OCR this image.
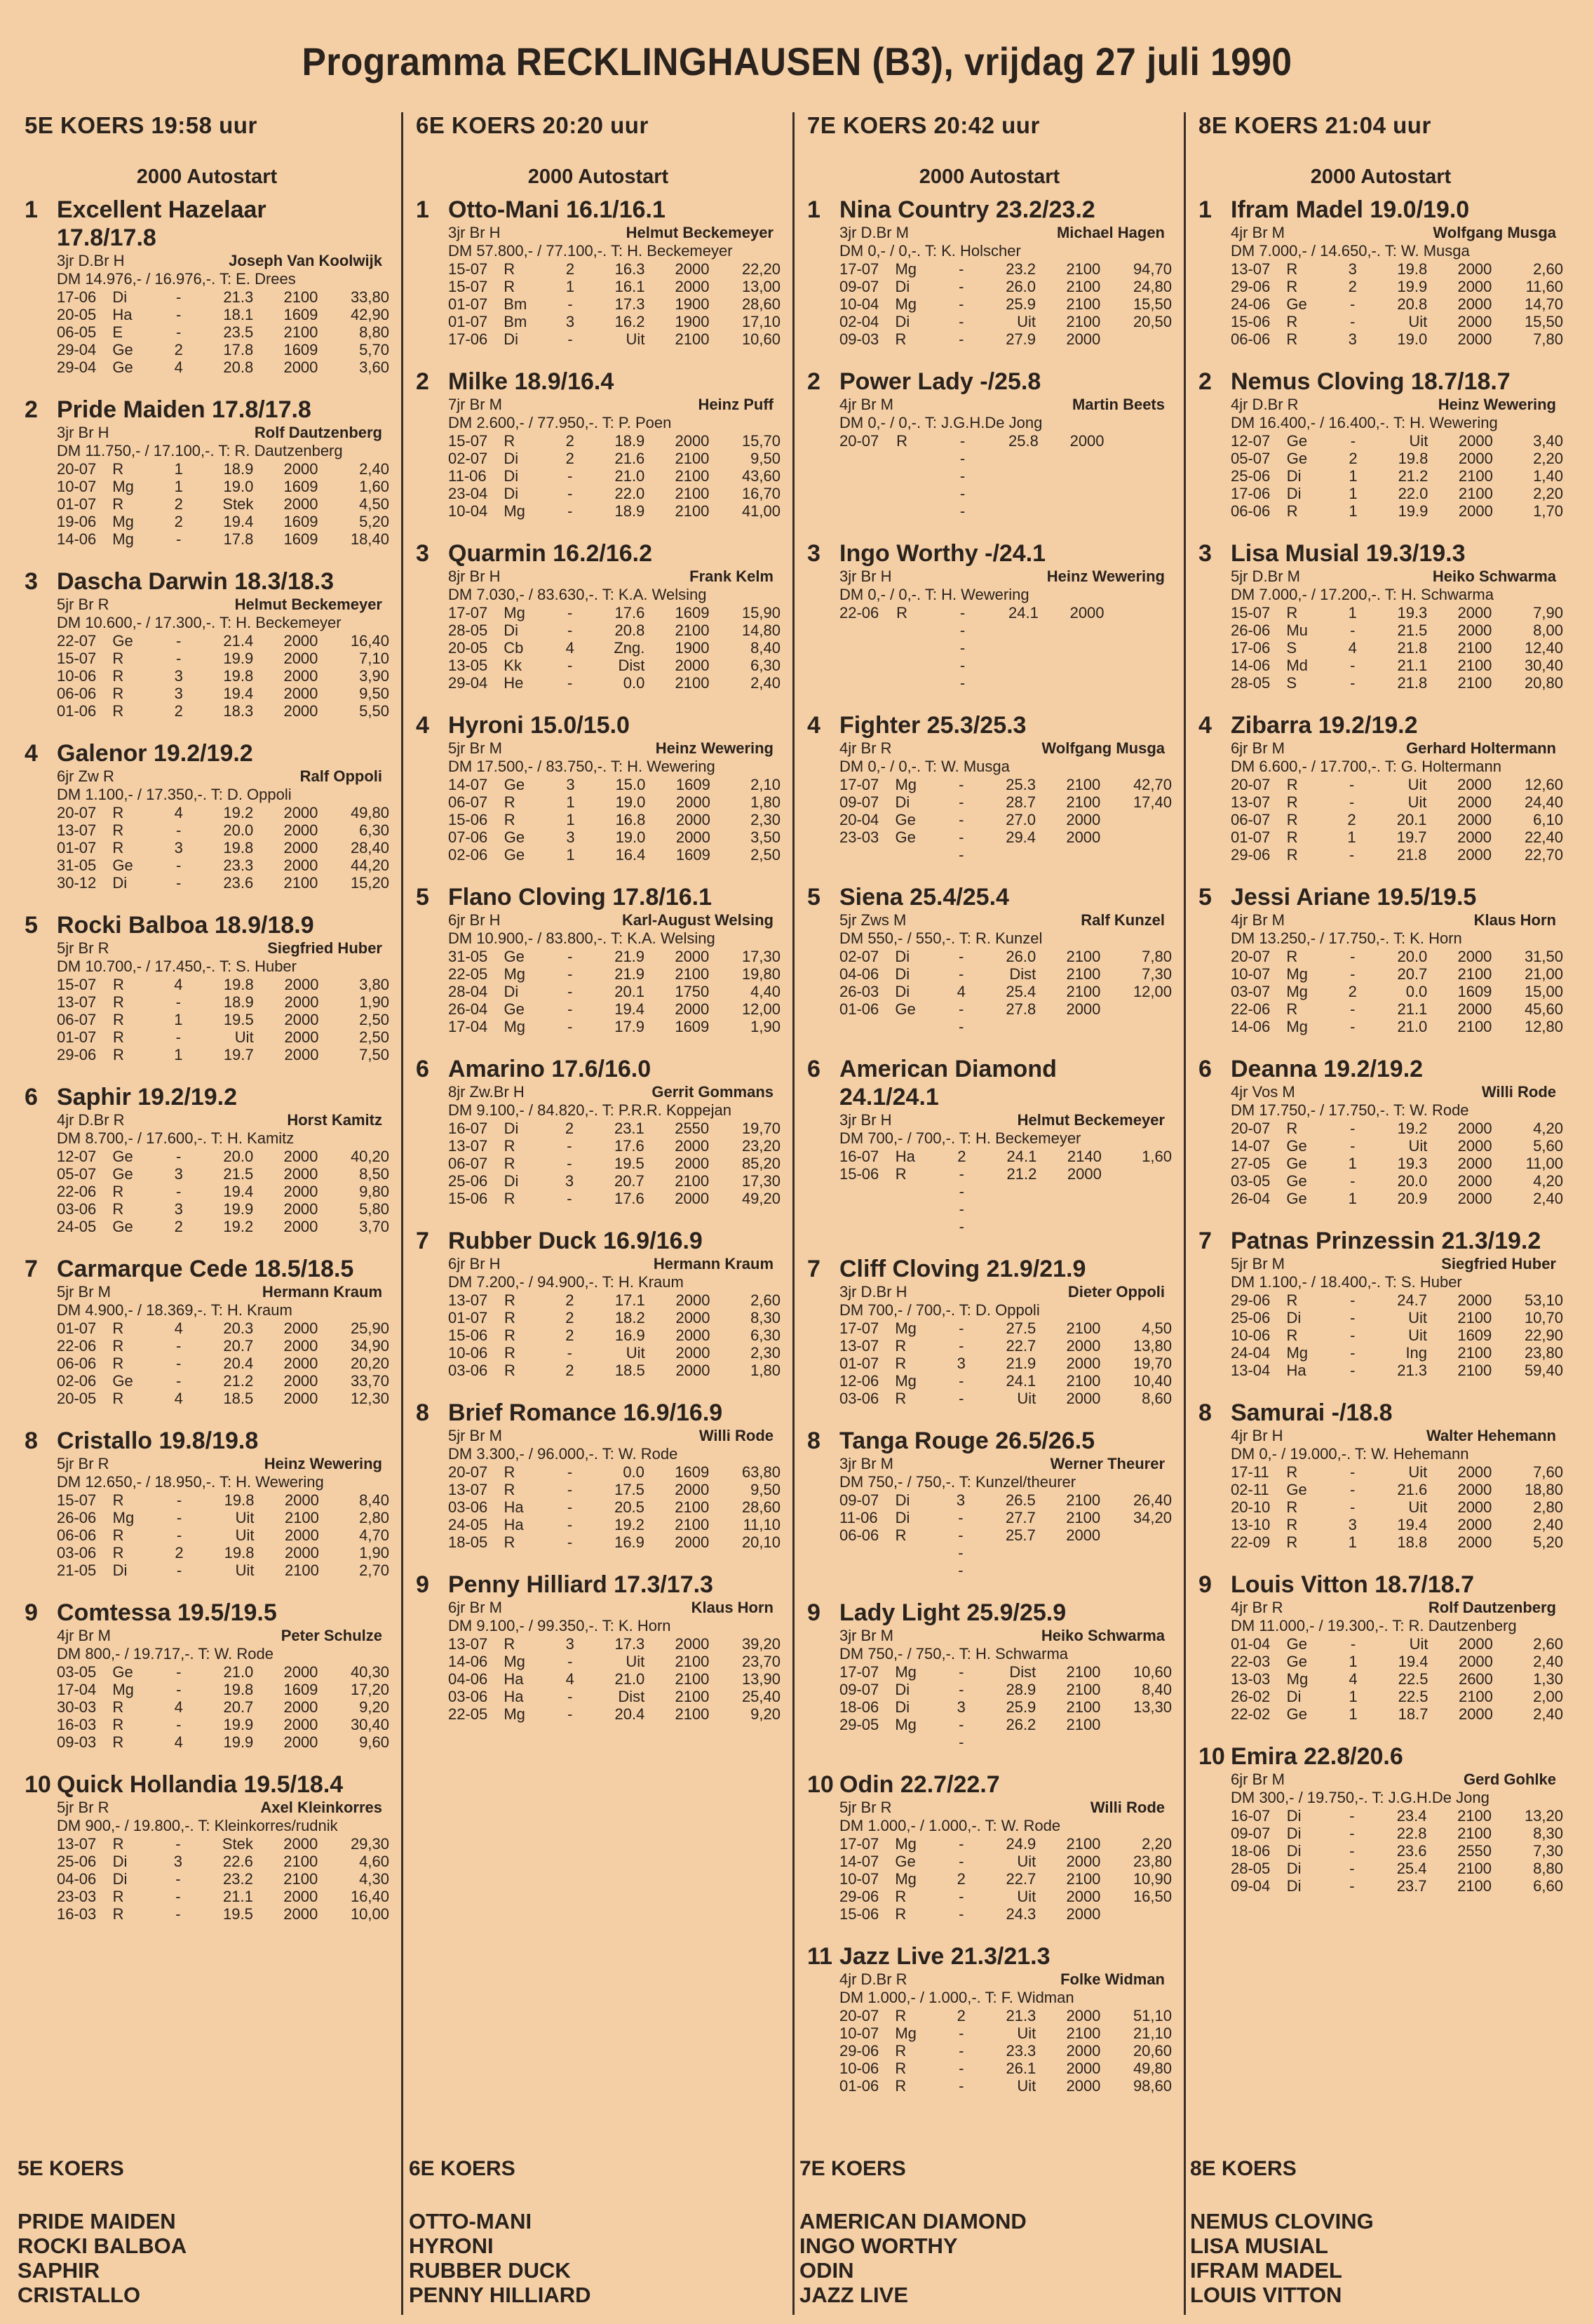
Programma RECKLINGHAUSEN (B3), vrijdag 27 juli 1990
5E KOERS 19:58 uur
2000 Autostart
1 Excellent Hazelaar
17.8/17.8
3jr D.Br H	Joseph Van Koolwijk
DM 14.976,- / 16.976,-. T: E. Drees
17-06	Di	-	21.3	2100	33,80
20-05	Ha	-	18.1	1609	42,90
06-05	E	-	23.5	2100	8,80
29-04	Ge	2	17.8	1609	5,70
29-04	Ge	4	20.8	2000	3,60
2 Pride Maiden 17.8/17.8
3jr Br H	Rolf Dautzenberg
DM 11.750,- / 17.100,-. T: R. Dautzenberg
20-07	R	1	18.9	2000	2,40
10-07	Mg	1	19.0	1609	1,60
01-07	R	2	Stek	2000	4,50
19-06	Mg	2	19.4	1609	5,20
14-06	Mg	-	17.8	1609	18,40
3 Dascha Darwin 18.3/18.3
5jr Br R	Helmut Beckemeyer
DM 10.600,- / 17.300,-. T: H. Beckemeyer
22-07	Ge	-	21.4	2000	16,40
15-07	R	-	19.9	2000	7,10
10-06	R	3	19.8	2000	3,90
06-06	R	3	19.4	2000	9,50
01-06	R	2	18.3	2000	5,50
4 Galenor 19.2/19.2
6jr Zw R	Ralf Oppoli
DM 1.100,- / 17.350,-. T: D. Oppoli
20-07	R	4	19.2	2000	49,80
13-07	R	-	20.0	2000	6,30
01-07	R	3	19.8	2000	28,40
31-05	Ge	-	23.3	2000	44,20
30-12	Di	-	23.6	2100	15,20
5 Rocki Balboa 18.9/18.9
5jr Br R	Siegfried Huber
DM 10.700,- / 17.450,-. T: S. Huber
15-07	R	4	19.8	2000	3,80
13-07	R	-	18.9	2000	1,90
06-07	R	1	19.5	2000	2,50
01-07	R	-	Uit	2000	2,50
29-06	R	1	19.7	2000	7,50
6 Saphir 19.2/19.2
4jr D.Br R	Horst Kamitz
DM 8.700,- / 17.600,-. T: H. Kamitz
12-07	Ge	-	20.0	2000	40,20
05-07	Ge	3	21.5	2000	8,50
22-06	R	-	19.4	2000	9,80
03-06	R	3	19.9	2000	5,80
24-05	Ge	2	19.2	2000	3,70
7 Carmarque Cede 18.5/18.5
5jr Br M	Hermann Kraum
DM 4.900,- / 18.369,-. T: H. Kraum
01-07	R	4	20.3	2000	25,90
22-06	R	-	20.7	2000	34,90
06-06	R	-	20.4	2000	20,20
02-06	Ge	-	21.2	2000	33,70
20-05	R	4	18.5	2000	12,30
8 Cristallo 19.8/19.8
5jr Br R	Heinz Wewering
DM 12.650,- / 18.950,-. T: H. Wewering
15-07	R	-	19.8	2000	8,40
26-06	Mg	-	Uit	2100	2,80
06-06	R	-	Uit	2000	4,70
03-06	R	2	19.8	2000	1,90
21-05	Di	-	Uit	2100	2,70
9 Comtessa 19.5/19.5
4jr Br M	Peter Schulze
DM 800,- / 19.717,-. T: W. Rode
03-05	Ge	-	21.0	2000	40,30
17-04	Mg	-	19.8	1609	17,20
30-03	R	4	20.7	2000	9,20
16-03	R	-	19.9	2000	30,40
09-03	R	4	19.9	2000	9,60
10 Quick Hollandia 19.5/18.4
5jr Br R	Axel Kleinkorres
DM 900,- / 19.800,-. T: Kleinkorres/rudnik
13-07	R	-	Stek	2000	29,30
25-06	Di	3	22.6	2100	4,60
04-06	Di	-	23.2	2100	4,30
23-03	R	-	21.1	2000	16,40
16-03	R	-	19.5	2000	10,00
6E KOERS 20:20 uur
2000 Autostart
1 Otto-Mani 16.1/16.1
3jr Br H	Helmut Beckemeyer
DM 57.800,- / 77.100,-. T: H. Beckemeyer
15-07	R	2	16.3	2000	22,20
15-07	R	1	16.1	2000	13,00
01-07	Bm	-	17.3	1900	28,60
01-07	Bm	3	16.2	1900	17,10
17-06	Di	-	Uit	2100	10,60
2 Milke 18.9/16.4
7jr Br M	Heinz Puff
DM 2.600,- / 77.950,-. T: P. Poen
15-07	R	2	18.9	2000	15,70
02-07	Di	2	21.6	2100	9,50
11-06	Di	-	21.0	2100	43,60
23-04	Di	-	22.0	2100	16,70
10-04	Mg	-	18.9	2100	41,00
3 Quarmin 16.2/16.2
8jr Br H	Frank Kelm
DM 7.030,- / 83.630,-. T: K.A. Welsing
17-07	Mg	-	17.6	1609	15,90
28-05	Di	-	20.8	2100	14,80
20-05	Cb	4	Zng.	1900	8,40
13-05	Kk	-	Dist	2000	6,30
29-04	He	-	0.0	2100	2,40
4 Hyroni 15.0/15.0
5jr Br M	Heinz Wewering
DM 17.500,- / 83.750,-. T: H. Wewering
14-07	Ge	3	15.0	1609	2,10
06-07	R	1	19.0	2000	1,80
15-06	R	1	16.8	2000	2,30
07-06	Ge	3	19.0	2000	3,50
02-06	Ge	1	16.4	1609	2,50
5 Flano Cloving 17.8/16.1
6jr Br H	Karl-August Welsing
DM 10.900,- / 83.800,-. T: K.A. Welsing
31-05	Ge	-	21.9	2000	17,30
22-05	Mg	-	21.9	2100	19,80
28-04	Di	-	20.1	1750	4,40
26-04	Ge	-	19.4	2000	12,00
17-04	Mg	-	17.9	1609	1,90
6 Amarino 17.6/16.0
8jr Zw.Br H	Gerrit Gommans
DM 9.100,- / 84.820,-. T: P.R.R. Koppejan
16-07	Di	2	23.1	2550	19,70
13-07	R	-	17.6	2000	23,20
06-07	R	-	19.5	2000	85,20
25-06	Di	3	20.7	2100	17,30
15-06	R	-	17.6	2000	49,20
7 Rubber Duck 16.9/16.9
6jr Br H	Hermann Kraum
DM 7.200,- / 94.900,-. T: H. Kraum
13-07	R	2	17.1	2000	2,60
01-07	R	2	18.2	2000	8,30
15-06	R	2	16.9	2000	6,30
10-06	R	-	Uit	2000	2,30
03-06	R	2	18.5	2000	1,80
8 Brief Romance 16.9/16.9
5jr Br M	Willi Rode
DM 3.300,- / 96.000,-. T: W. Rode
20-07	R	-	0.0	1609	63,80
13-07	R	-	17.5	2000	9,50
03-06	Ha	-	20.5	2100	28,60
24-05	Ha	-	19.2	2100	11,10
18-05	R	-	16.9	2000	20,10
9 Penny Hilliard 17.3/17.3
6jr Br M	Klaus Horn
DM 9.100,- / 99.350,-. T: K. Horn
13-07	R	3	17.3	2000	39,20
14-06	Mg	-	Uit	2100	23,70
04-06	Ha	4	21.0	2100	13,90
03-06	Ha	-	Dist	2100	25,40
22-05	Mg	-	20.4	2100	9,20
7E KOERS 20:42 uur
2000 Autostart
1 Nina Country 23.2/23.2
3jr D.Br M	Michael Hagen
DM 0,- / 0,-. T: K. Holscher
17-07	Mg	-	23.2	2100	94,70
09-07	Di	-	26.0	2100	24,80
10-04	Mg	-	25.9	2100	15,50
02-04	Di	-	Uit	2100	20,50
09-03	R	-	27.9	2000	
2 Power Lady -/25.8
4jr Br M	Martin Beets
DM 0,- / 0,-. T: J.G.H.De Jong
20-07	R	-	25.8	2000	
		-			
		-			
		-			
		-			
3 Ingo Worthy -/24.1
3jr Br H	Heinz Wewering
DM 0,- / 0,-. T: H. Wewering
22-06	R	-	24.1	2000	
		-			
		-			
		-			
		-			
4 Fighter 25.3/25.3
4jr Br R	Wolfgang Musga
DM 0,- / 0,-. T: W. Musga
17-07	Mg	-	25.3	2100	42,70
09-07	Di	-	28.7	2100	17,40
20-04	Ge	-	27.0	2000	
23-03	Ge	-	29.4	2000	
		-			
5 Siena 25.4/25.4
5jr Zws M	Ralf Kunzel
DM 550,- / 550,-. T: R. Kunzel
02-07	Di	-	26.0	2100	7,80
04-06	Di	-	Dist	2100	7,30
26-03	Di	4	25.4	2100	12,00
01-06	Ge	-	27.8	2000	
		-			
6 American Diamond
24.1/24.1
3jr Br H	Helmut Beckemeyer
DM 700,- / 700,-. T: H. Beckemeyer
16-07	Ha	2	24.1	2140	1,60
15-06	R	-	21.2	2000	
		-			
		-			
		-			
7 Cliff Cloving 21.9/21.9
3jr D.Br H	Dieter Oppoli
DM 700,- / 700,-. T: D. Oppoli
17-07	Mg	-	27.5	2100	4,50
13-07	R	-	22.7	2000	13,80
01-07	R	3	21.9	2000	19,70
12-06	Mg	-	24.1	2100	10,40
03-06	R	-	Uit	2000	8,60
8 Tanga Rouge 26.5/26.5
3jr Br M	Werner Theurer
DM 750,- / 750,-. T: Kunzel/theurer
09-07	Di	3	26.5	2100	26,40
11-06	Di	-	27.7	2100	34,20
06-06	R	-	25.7	2000	
		-			
		-			
9 Lady Light 25.9/25.9
3jr Br M	Heiko Schwarma
DM 750,- / 750,-. T: H. Schwarma
17-07	Mg	-	Dist	2100	10,60
09-07	Di	-	28.9	2100	8,40
18-06	Di	3	25.9	2100	13,30
29-05	Mg	-	26.2	2100	
		-			
10 Odin 22.7/22.7
5jr Br R	Willi Rode
DM 1.000,- / 1.000,-. T: W. Rode
17-07	Mg	-	24.9	2100	2,20
14-07	Ge	-	Uit	2000	23,80
10-07	Mg	2	22.7	2100	10,90
29-06	R	-	Uit	2000	16,50
15-06	R	-	24.3	2000	
11 Jazz Live 21.3/21.3
4jr D.Br R	Folke Widman
DM 1.000,- / 1.000,-. T: F. Widman
20-07	R	2	21.3	2000	51,10
10-07	Mg	-	Uit	2100	21,10
29-06	R	-	23.3	2000	20,60
10-06	R	-	26.1	2000	49,80
01-06	R	-	Uit	2000	98,60
8E KOERS 21:04 uur
2000 Autostart
1 Ifram Madel 19.0/19.0
4jr Br M	Wolfgang Musga
DM 7.000,- / 14.650,-. T: W. Musga
13-07	R	3	19.8	2000	2,60
29-06	R	2	19.9	2000	11,60
24-06	Ge	-	20.8	2000	14,70
15-06	R	-	Uit	2000	15,50
06-06	R	3	19.0	2000	7,80
2 Nemus Cloving 18.7/18.7
4jr D.Br R	Heinz Wewering
DM 16.400,- / 16.400,-. T: H. Wewering
12-07	Ge	-	Uit	2000	3,40
05-07	Ge	2	19.8	2000	2,20
25-06	Di	1	21.2	2100	1,40
17-06	Di	1	22.0	2100	2,20
06-06	R	1	19.9	2000	1,70
3 Lisa Musial 19.3/19.3
5jr D.Br M	Heiko Schwarma
DM 7.000,- / 17.200,-. T: H. Schwarma
15-07	R	1	19.3	2000	7,90
26-06	Mu	-	21.5	2000	8,00
17-06	S	4	21.8	2100	12,40
14-06	Md	-	21.1	2100	30,40
28-05	S	-	21.8	2100	20,80
4 Zibarra 19.2/19.2
6jr Br M	Gerhard Holtermann
DM 6.600,- / 17.700,-. T: G. Holtermann
20-07	R	-	Uit	2000	12,60
13-07	R	-	Uit	2000	24,40
06-07	R	2	20.1	2000	6,10
01-07	R	1	19.7	2000	22,40
29-06	R	-	21.8	2000	22,70
5 Jessi Ariane 19.5/19.5
4jr Br M	Klaus Horn
DM 13.250,- / 17.750,-. T: K. Horn
20-07	R	-	20.0	2000	31,50
10-07	Mg	-	20.7	2100	21,00
03-07	Mg	2	0.0	1609	15,00
22-06	R	-	21.1	2000	45,60
14-06	Mg	-	21.0	2100	12,80
6 Deanna 19.2/19.2
4jr Vos M	Willi Rode
DM 17.750,- / 17.750,-. T: W. Rode
20-07	R	-	19.2	2000	4,20
14-07	Ge	-	Uit	2000	5,60
27-05	Ge	1	19.3	2000	11,00
03-05	Ge	-	20.0	2000	4,20
26-04	Ge	1	20.9	2000	2,40
7 Patnas Prinzessin 21.3/19.2
5jr Br M	Siegfried Huber
DM 1.100,- / 18.400,-. T: S. Huber
29-06	R	-	24.7	2000	53,10
25-06	Di	-	Uit	2100	10,70
10-06	R	-	Uit	1609	22,90
24-04	Mg	-	Ing	2100	23,80
13-04	Ha	-	21.3	2100	59,40
8 Samurai -/18.8
4jr Br H	Walter Hehemann
DM 0,- / 19.000,-. T: W. Hehemann
17-11	R	-	Uit	2000	7,60
02-11	Ge	-	21.6	2000	18,80
20-10	R	-	Uit	2000	2,80
13-10	R	3	19.4	2000	2,40
22-09	R	1	18.8	2000	5,20
9 Louis Vitton 18.7/18.7
4jr Br R	Rolf Dautzenberg
DM 11.000,- / 19.300,-. T: R. Dautzenberg
01-04	Ge	-	Uit	2000	2,60
22-03	Ge	1	19.4	2000	2,40
13-03	Mg	4	22.5	2600	1,30
26-02	Di	1	22.5	2100	2,00
22-02	Ge	1	18.7	2000	2,40
10 Emira 22.8/20.6
6jr Br M	Gerd Gohlke
DM 300,- / 19.750,-. T: J.G.H.De Jong
16-07	Di	-	23.4	2100	13,20
09-07	Di	-	22.8	2100	8,30
18-06	Di	-	23.6	2550	7,30
28-05	Di	-	25.4	2100	8,80
09-04	Di	-	23.7	2100	6,60
5E KOERS
PRIDE MAIDEN
ROCKI BALBOA
SAPHIR
CRISTALLO
6E KOERS
OTTO-MANI
HYRONI
RUBBER DUCK
PENNY HILLIARD
7E KOERS
AMERICAN DIAMOND
INGO WORTHY
ODIN
JAZZ LIVE
8E KOERS
NEMUS CLOVING
LISA MUSIAL
IFRAM MADEL
LOUIS VITTON
